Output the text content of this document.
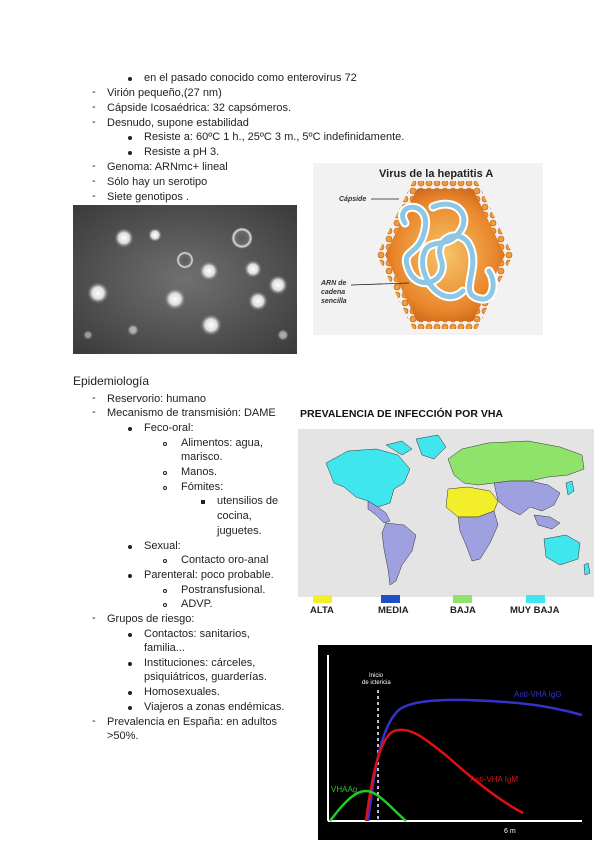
en el pasado conocido como enterovirus 72
- Virión pequeño,(27 nm)
- Cápside Icosaédrica: 32 capsómeros.
- Desnudo, supone estabilidad
Resiste a: 60ºC 1 h., 25ºC 3 m., 5ºC indefinidamente.
Resiste a pH 3.
- Genoma: ARNmc+ lineal
- Sólo hay un serotipo
- Siete genotipos .
Virus de la hepatitis A
Cápside
ARN de
cadena
sencilla
Epidemiología
- Reservorio: humano
- Mecanismo de transmisión: DAME
Feco-oral:
Alimentos: agua,
marisco.
Manos.
Fómites:
utensilios de
cocina,
juguetes.
Sexual:
Contacto oro-anal
Parenteral: poco probable.
Postransfusional.
ADVP.
- Grupos de riesgo:
Contactos: sanitarios,
familia...
Instituciones: cárceles,
psiquiátricos, guarderías.
Homosexuales.
Viajeros a zonas endémicas.
- Prevalencia en España: en adultos
>50%.
PREVALENCIA DE INFECCIÓN POR VHA
ALTA	MEDIA	BAJA	MUY BAJA
Inicio
de ictericia
Anti-VHA IgG
Anti-VHA IgM
VHAAg
6 m
